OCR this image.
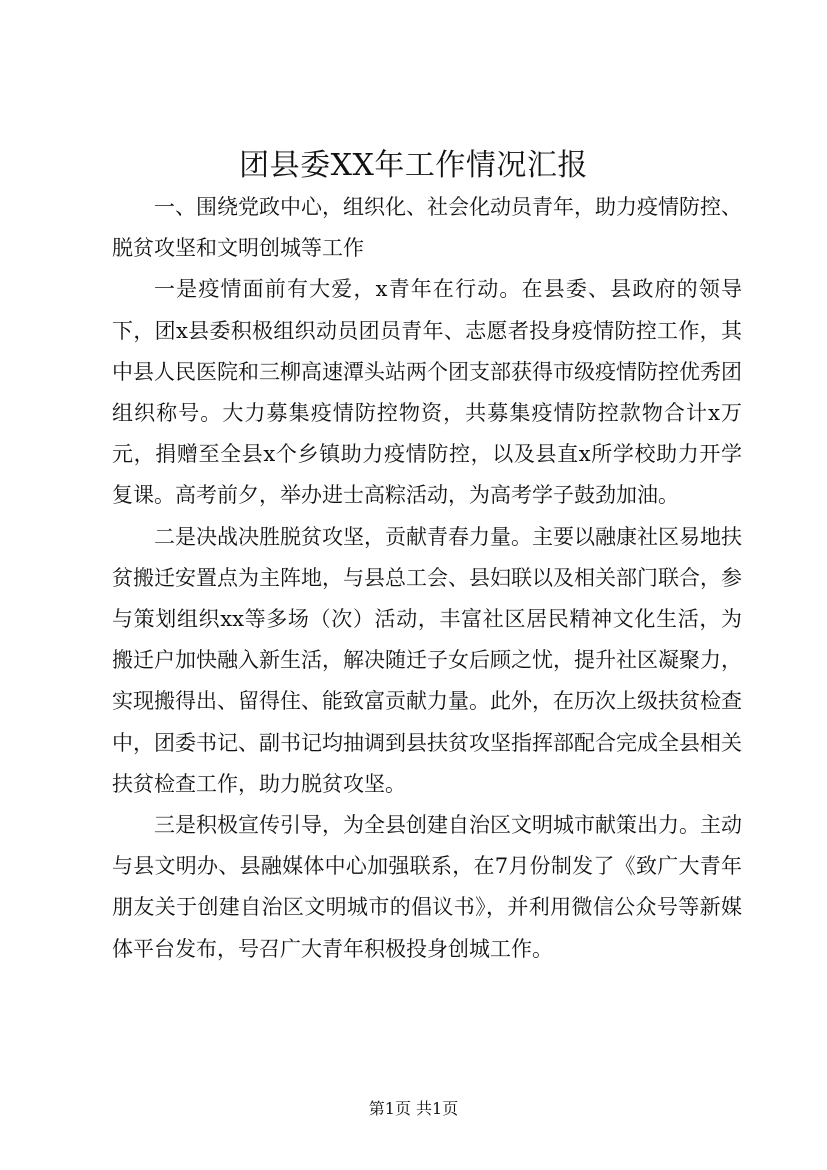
团县委XX年工作情况汇报

一、围绕党政中心，组织化、社会化动员青年，助力疫情防控、脱贫攻坚和文明创城等工作

一是疫情面前有大爱，x青年在行动。在县委、县政府的领导下，团x县委积极组织动员团员青年、志愿者投身疫情防控工作，其中县人民医院和三柳高速潭头站两个团支部获得市级疫情防控优秀团组织称号。大力募集疫情防控物资，共募集疫情防控款物合计x万元，捐赠至全县x个乡镇助力疫情防控，以及县直x所学校助力开学复课。高考前夕，举办进士高粽活动，为高考学子鼓劲加油。

二是决战决胜脱贫攻坚，贡献青春力量。主要以融康社区易地扶贫搬迁安置点为主阵地，与县总工会、县妇联以及相关部门联合，参与策划组织xx等多场（次）活动，丰富社区居民精神文化生活，为搬迁户加快融入新生活，解决随迁子女后顾之忧，提升社区凝聚力，实现搬得出、留得住、能致富贡献力量。此外，在历次上级扶贫检查中，团委书记、副书记均抽调到县扶贫攻坚指挥部配合完成全县相关扶贫检查工作，助力脱贫攻坚。

三是积极宣传引导，为全县创建自治区文明城市献策出力。主动与县文明办、县融媒体中心加强联系，在7月份制发了《致广大青年朋友关于创建自治区文明城市的倡议书》，并利用微信公众号等新媒体平台发布，号召广大青年积极投身创城工作。

第1页 共1页
